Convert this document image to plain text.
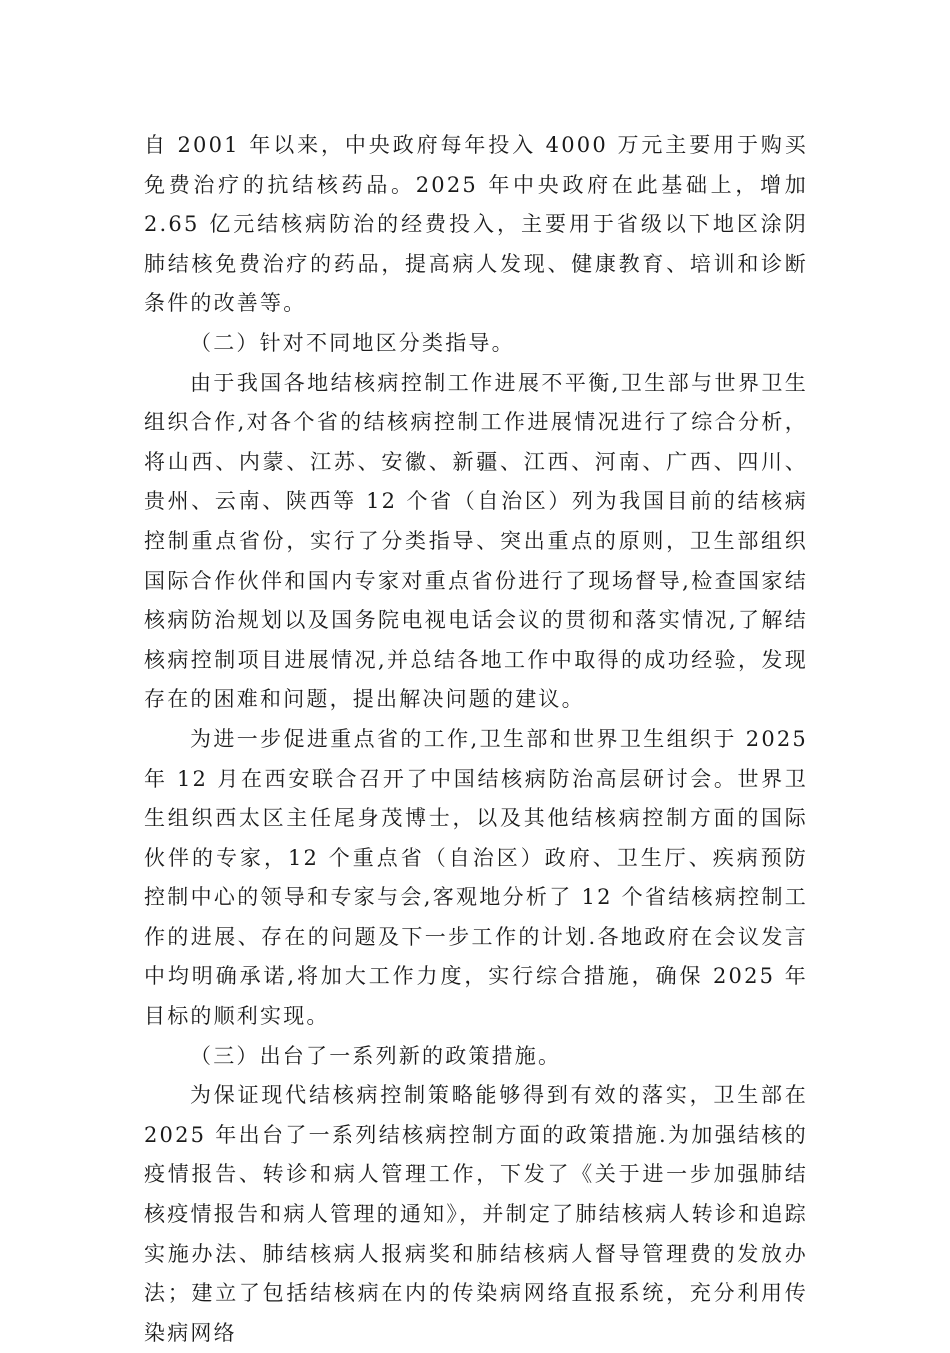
自 2001 年以来，中央政府每年投入 4000 万元主要用于购买免费治疗的抗结核药品。2025 年中央政府在此基础上，增加 2.65 亿元结核病防治的经费投入，主要用于省级以下地区涂阴肺结核免费治疗的药品，提高病人发现、健康教育、培训和诊断条件的改善等。

（二）针对不同地区分类指导。

由于我国各地结核病控制工作进展不平衡,卫生部与世界卫生组织合作,对各个省的结核病控制工作进展情况进行了综合分析，将山西、内蒙、江苏、安徽、新疆、江西、河南、广西、四川、贵州、云南、陕西等 12 个省（自治区）列为我国目前的结核病控制重点省份，实行了分类指导、突出重点的原则，卫生部组织国际合作伙伴和国内专家对重点省份进行了现场督导,检查国家结核病防治规划以及国务院电视电话会议的贯彻和落实情况,了解结核病控制项目进展情况,并总结各地工作中取得的成功经验，发现存在的困难和问题，提出解决问题的建议。

为进一步促进重点省的工作,卫生部和世界卫生组织于 2025 年 12 月在西安联合召开了中国结核病防治高层研讨会。世界卫生组织西太区主任尾身茂博士，以及其他结核病控制方面的国际伙伴的专家，12 个重点省（自治区）政府、卫生厅、疾病预防控制中心的领导和专家与会,客观地分析了 12 个省结核病控制工作的进展、存在的问题及下一步工作的计划.各地政府在会议发言中均明确承诺,将加大工作力度，实行综合措施，确保 2025 年目标的顺利实现。

（三）出台了一系列新的政策措施。

为保证现代结核病控制策略能够得到有效的落实，卫生部在 2025 年出台了一系列结核病控制方面的政策措施.为加强结核的疫情报告、转诊和病人管理工作，下发了《关于进一步加强肺结核疫情报告和病人管理的通知》，并制定了肺结核病人转诊和追踪实施办法、肺结核病人报病奖和肺结核病人督导管理费的发放办法；建立了包括结核病在内的传染病网络直报系统，充分利用传染病网络
